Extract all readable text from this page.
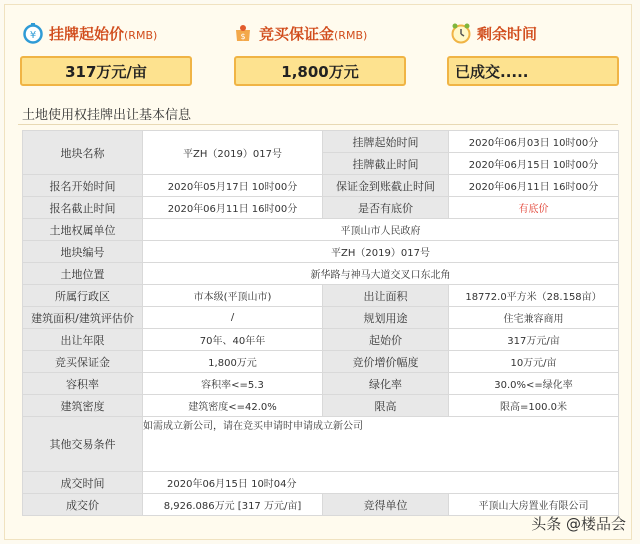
¥ 挂牌起始价(RMB)	$ 竞买保证金(RMB)	剩余时间
317万元/亩	1,800万元	已成交.....
土地使用权挂牌出让基本信息
地块名称	平ZH（2019）017号	挂牌起始时间	2020年06月03日 10时00分
		挂牌截止时间	2020年06月15日 10时00分
报名开始时间	2020年05月17日 10时00分	保证金到账截止时间	2020年06月11日 16时00分
报名截止时间	2020年06月11日 16时00分	是否有底价	有底价
土地权属单位	平顶山市人民政府		
地块编号	平ZH（2019）017号		
土地位置	新华路与神马大道交叉口东北角		
所属行政区	市本级(平顶山市)	出让面积	18772.0平方米（28.158亩）
建筑面积/建筑评估价	/	规划用途	住宅兼容商用
出让年限	70年、40年年	起始价	317万元/亩
竞买保证金	1,800万元	竞价增价幅度	10万元/亩
容积率	容积率<=5.3	绿化率	30.0%<=绿化率
建筑密度	建筑密度<=42.0%	限高	限高=100.0米
其他交易条件	如需成立新公司，请在竞买申请时申请成立新公司		
成交时间	2020年06月15日 10时04分		
成交价	8,926.086万元 [317 万元/亩]	竞得单位	平顶山大房置业有限公司
头条 @楼品会
